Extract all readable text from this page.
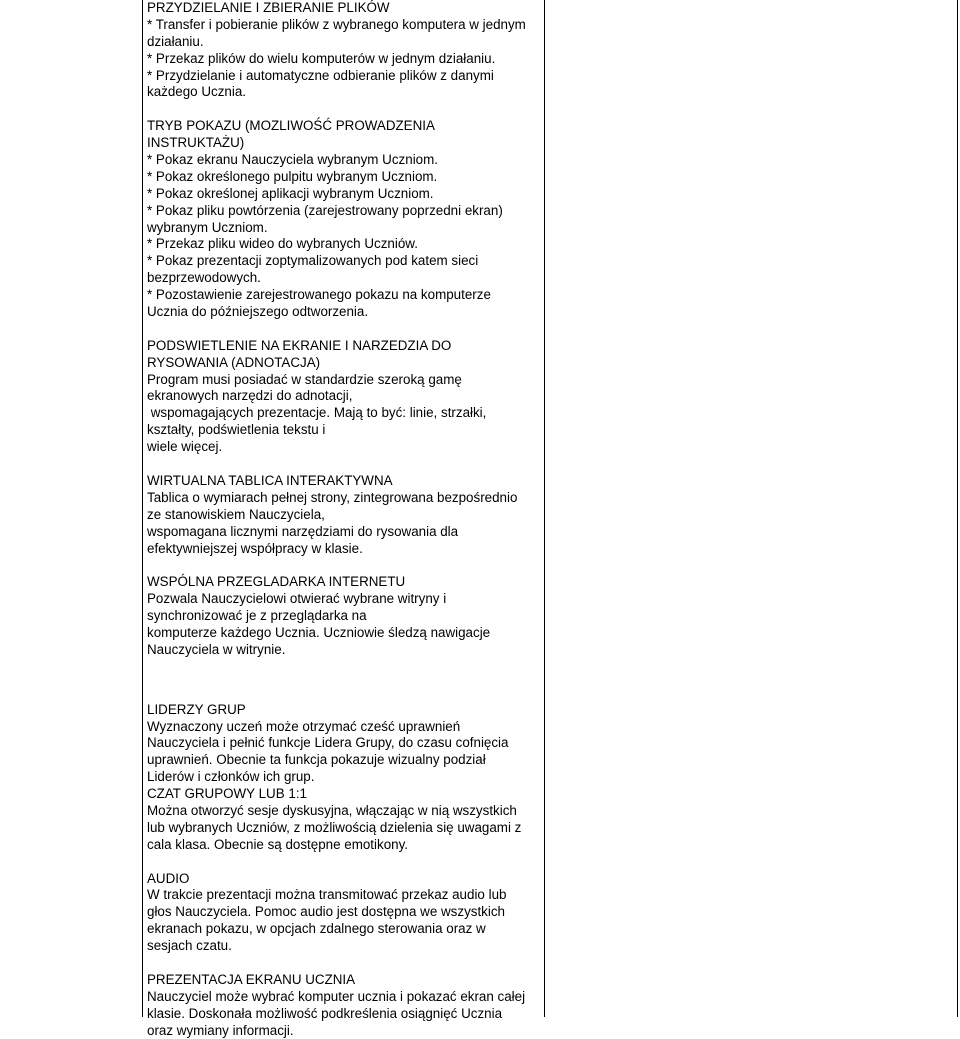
PRZYDZIELANIE I ZBIERANIE PLIKÓW
* Transfer i pobieranie plików z wybranego komputera w jednym
działaniu.
* Przekaz plików do wielu komputerów w jednym działaniu.
* Przydzielanie i automatyczne odbieranie plików z danymi
każdego Ucznia.
TRYB POKAZU (MOZLIWOŚĆ PROWADZENIA
INSTRUKTAŻU)
* Pokaz ekranu Nauczyciela wybranym Uczniom.
* Pokaz określonego pulpitu wybranym Uczniom.
* Pokaz określonej aplikacji wybranym Uczniom.
* Pokaz pliku powtórzenia (zarejestrowany poprzedni ekran)
wybranym Uczniom.
* Przekaz pliku wideo do wybranych Uczniów.
* Pokaz prezentacji zoptymalizowanych pod katem sieci
bezprzewodowych.
* Pozostawienie zarejestrowanego pokazu na komputerze
Ucznia do późniejszego odtworzenia.
PODSWIETLENIE NA EKRANIE I NARZEDZIA DO
RYSOWANIA (ADNOTACJA)
Program musi posiadać w standardzie szeroką gamę
ekranowych narzędzi do adnotacji,
wspomagających prezentacje. Mają to być: linie, strzałki,
kształty, podświetlenia tekstu i
wiele więcej.
WIRTUALNA TABLICA INTERAKTYWNA
Tablica o wymiarach pełnej strony, zintegrowana bezpośrednio
ze stanowiskiem Nauczyciela,
wspomagana licznymi narzędziami do rysowania dla
efektywniejszej współpracy w klasie.
WSPÓLNA PRZEGLADARKA INTERNETU
Pozwala Nauczycielowi otwierać wybrane witryny i
synchronizować je z przeglądarka na
komputerze każdego Ucznia. Uczniowie śledzą nawigacje
Nauczyciela w witrynie.
LIDERZY GRUP
Wyznaczony uczeń może otrzymać cześć uprawnień
Nauczyciela i pełnić funkcje Lidera Grupy, do czasu cofnięcia
uprawnień. Obecnie ta funkcja pokazuje wizualny podział
Liderów i członków ich grup.
CZAT GRUPOWY LUB 1:1
Można otworzyć sesje dyskusyjna, włączając w nią wszystkich
lub wybranych Uczniów, z możliwością dzielenia się uwagami z
cala klasa. Obecnie są dostępne emotikony.
AUDIO
W trakcie prezentacji można transmitować przekaz audio lub
głos Nauczyciela. Pomoc audio jest dostępna we wszystkich
ekranach pokazu, w opcjach zdalnego sterowania oraz w
sesjach czatu.
PREZENTACJA EKRANU UCZNIA
Nauczyciel może wybrać komputer ucznia i pokazać ekran całej
klasie. Doskonała możliwość podkreślenia osiągnięć Ucznia
oraz wymiany informacji.
